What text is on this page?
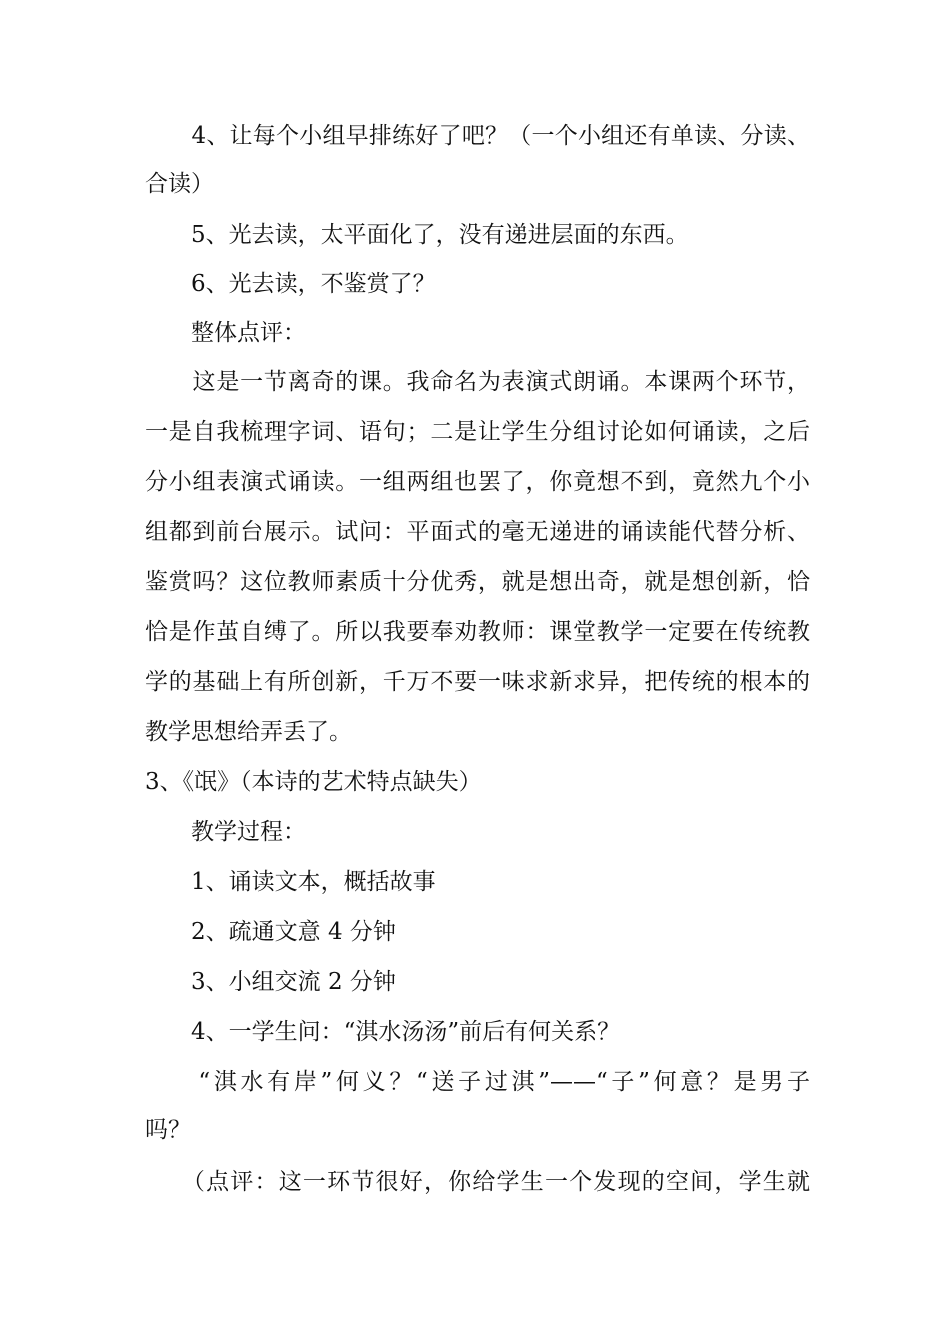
　　4、让每个小组早排练好了吧？（一个小组还有单读、分读、
合读）
　　5、光去读，太平面化了，没有递进层面的东西。
　　6、光去读，不鉴赏了？
　　整体点评：
　　这是一节离奇的课。我命名为表演式朗诵。本课两个环节，
一是自我梳理字词、语句；二是让学生分组讨论如何诵读，之后
分小组表演式诵读。一组两组也罢了，你竟想不到，竟然九个小
组都到前台展示。试问：平面式的毫无递进的诵读能代替分析、
鉴赏吗？这位教师素质十分优秀，就是想出奇，就是想创新，恰
恰是作茧自缚了。所以我要奉劝教师：课堂教学一定要在传统教
学的基础上有所创新，千万不要一味求新求异，把传统的根本的
教学思想给弄丢了。
3、《氓》（本诗的艺术特点缺失）
　　教学过程：
　　1、诵读文本，概括故事
　　2、疏通文意 4 分钟
　　3、小组交流 2 分钟
　　4、一学生问：“淇水汤汤”前后有何关系？
　　“淇水有岸”何义？“送子过淇”——“子”何意？是男子
吗？
　　（点评：这一环节很好，你给学生一个发现的空间，学生就
